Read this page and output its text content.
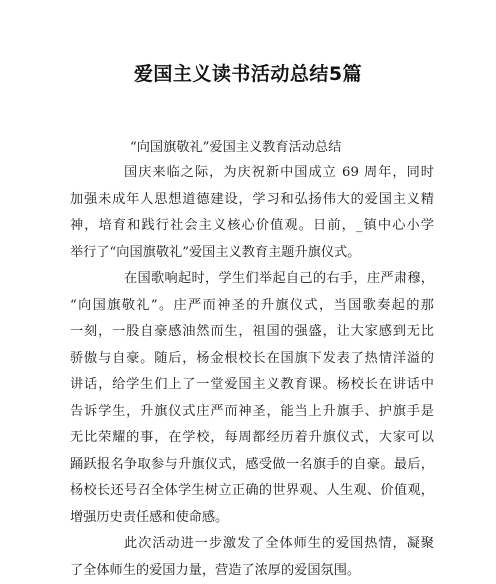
爱国主义读书活动总结5篇

“向国旗敬礼”爱国主义教育活动总结

国庆来临之际，为庆祝新中国成立 69 周年，同时
加强未成年人思想道德建设，学习和弘扬伟大的爱国主义精
神，培育和践行社会主义核心价值观。日前，_镇中心小学
举行了“向国旗敬礼”爱国主义教育主题升旗仪式。

在国歌响起时，学生们举起自己的右手，庄严肃穆，
“向国旗敬礼”。庄严而神圣的升旗仪式，当国歌奏起的那
一刻，一股自豪感油然而生，祖国的强盛，让大家感到无比
骄傲与自豪。随后，杨金根校长在国旗下发表了热情洋溢的
讲话，给学生们上了一堂爱国主义教育课。杨校长在讲话中
告诉学生，升旗仪式庄严而神圣，能当上升旗手、护旗手是
无比荣耀的事，在学校，每周都经历着升旗仪式，大家可以
踊跃报名争取参与升旗仪式，感受做一名旗手的自豪。最后，
杨校长还号召全体学生树立正确的世界观、人生观、价值观，
增强历史责任感和使命感。

此次活动进一步激发了全体师生的爱国热情，凝聚
了全体师生的爱国力量，营造了浓厚的爱国氛围。
